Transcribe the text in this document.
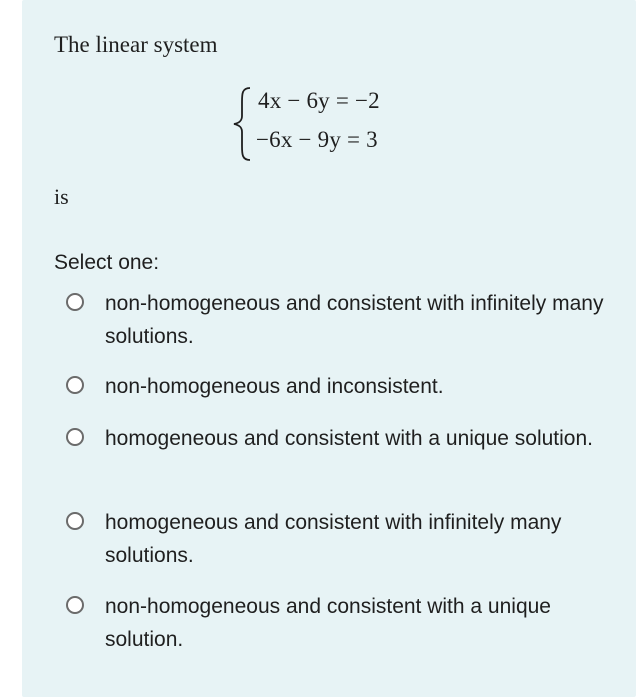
The linear system

4x − 6y = −2
−6x − 9y = 3
is
Select one:
non-homogeneous and consistent with infinitely many solutions.
non-homogeneous and inconsistent.
homogeneous and consistent with a unique solution.
homogeneous and consistent with infinitely many solutions.
non-homogeneous and consistent with a unique solution.
